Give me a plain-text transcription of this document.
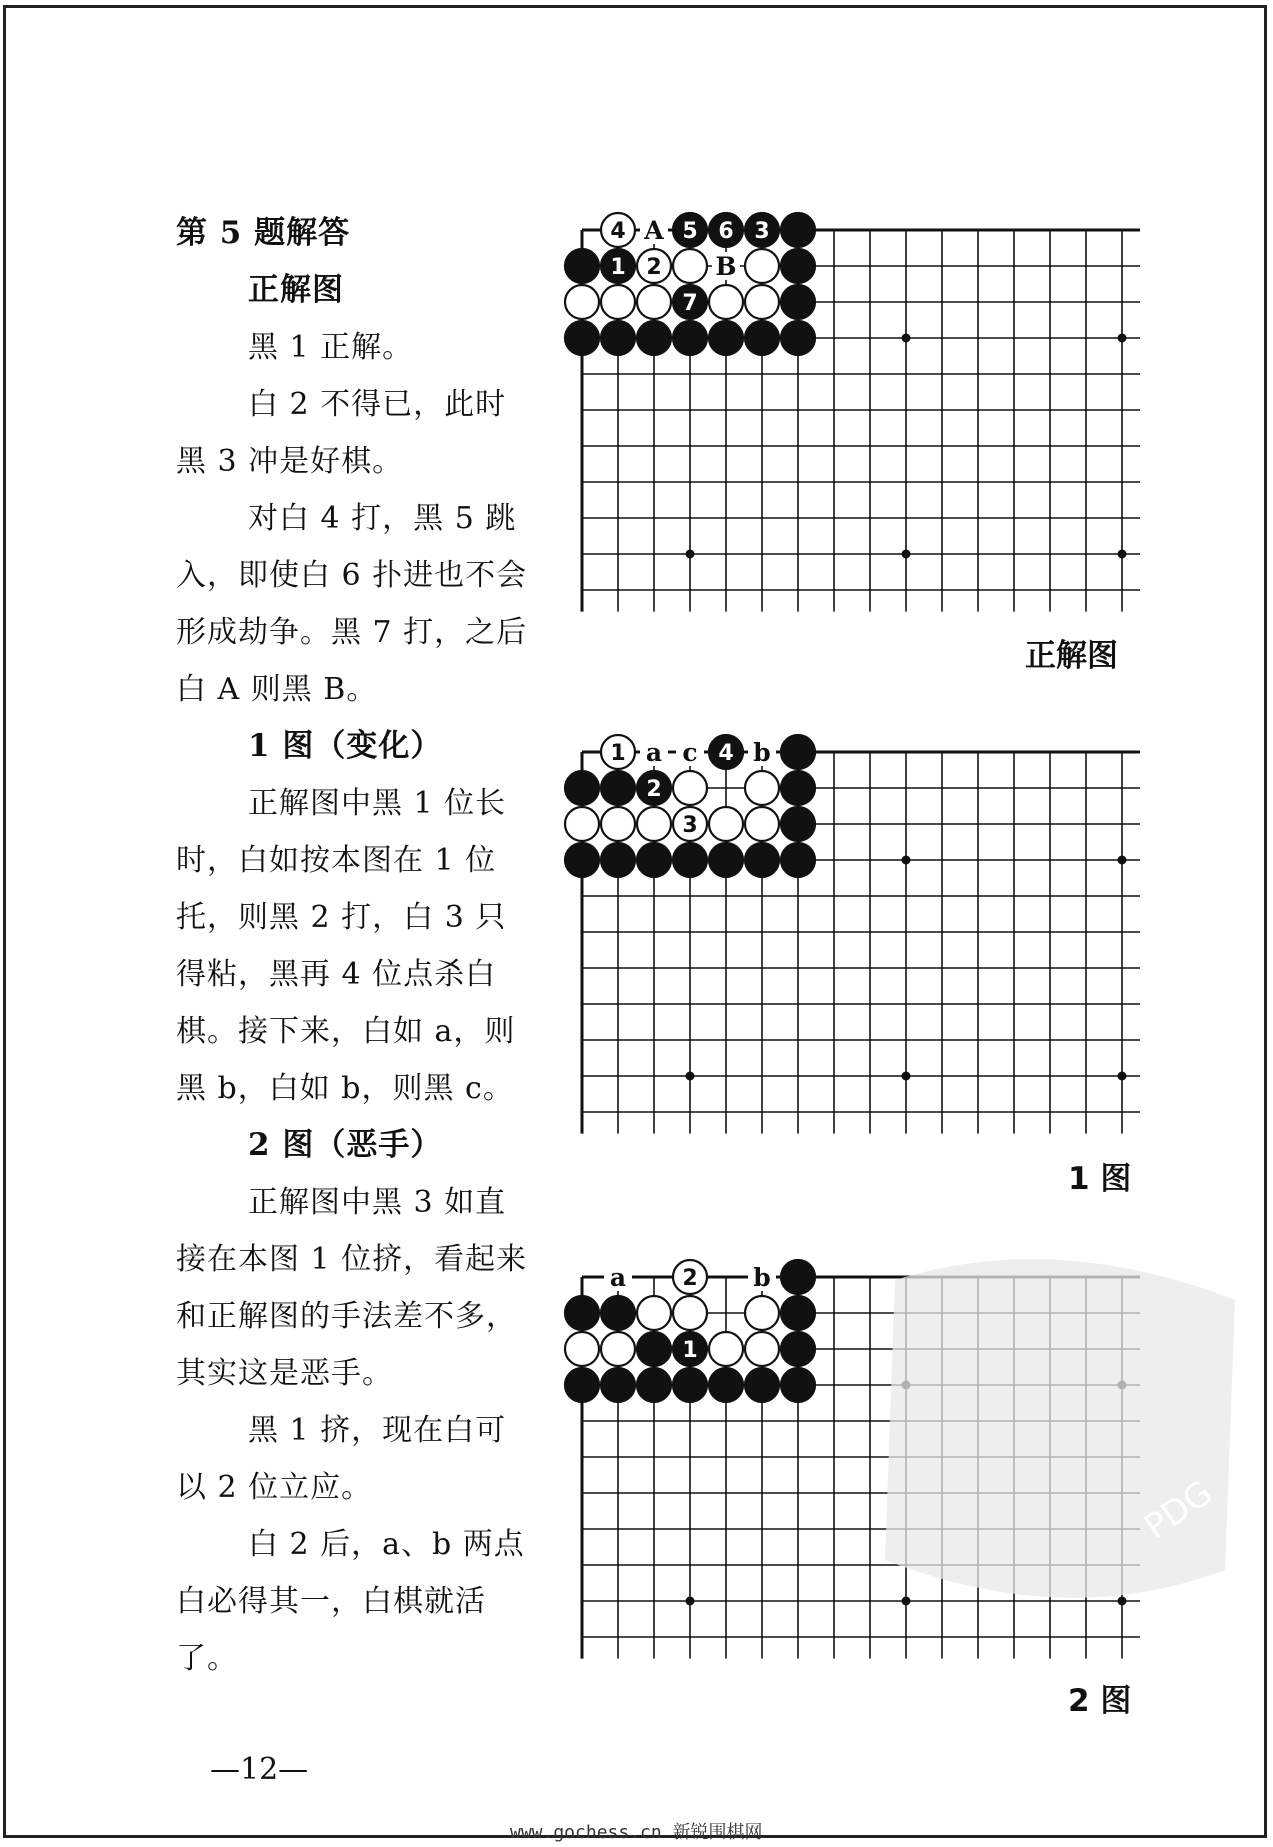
第 5 题解答

正解图

黑 1 正解。

白 2 不得已，此时黑 3 冲是好棋。

对白 4 打，黑 5 跳入，即使白 6 扑进也不会形成劫争。黑 7 打，之后白 A 则黑 B。

1 图（变化）

正解图中黑 1 位长时，白如按本图在 1 位托，则黑 2 打，白 3 只得粘，黑再 4 位点杀白棋。接下来，白如 a，则黑 b，白如 b，则黑 c。

2 图（恶手）

正解图中黑 3 如直接在本图 1 位挤，看起来和正解图的手法差不多，其实这是恶手。

黑 1 挤，现在白可以 2 位立应。

白 2 后，a、b 两点白必得其一，白棋就活了。

4 A 5 6 3
1 2 B
7
正解图
1 a c 4 b
2
3
1 图
a	2 b
1
2 图
PDG
—12—
www.gochess.cn 新锐围棋网
